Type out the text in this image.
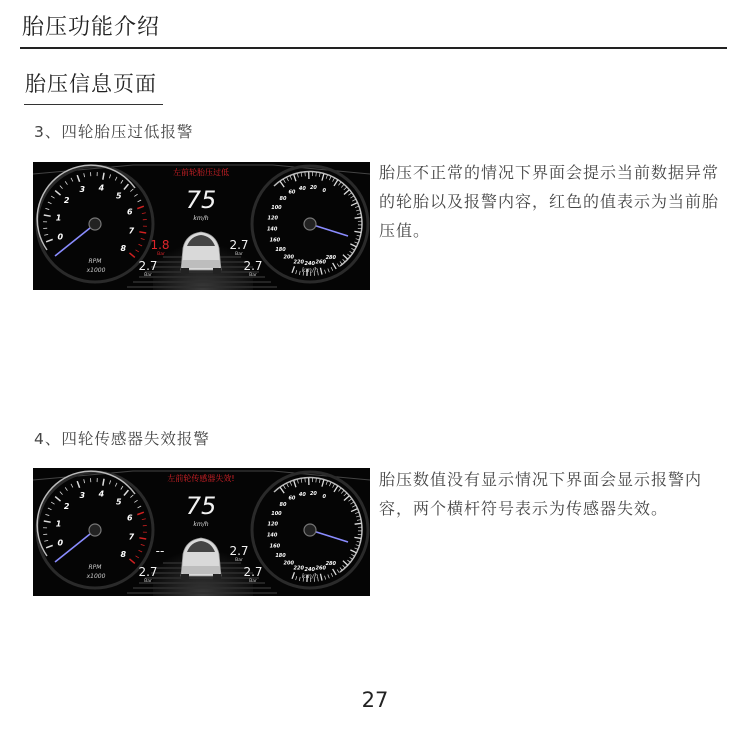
胎压功能介绍
胎压信息页面
3、四轮胎压过低报警
0
1
2
3 4
5
6
7
8
RPM
x1000
0
20
40
60
80
100
120
140
160
180
200
220 240 260
280
km/h
左前轮胎压过低
75
km/h
1.8
Bar
2.7
Bar
2.7
Bar
2.7
Bar
胎压不正常的情况下界面会提示当前数据异常的轮胎以及报警内容，红色的值表示为当前胎压值。
4、四轮传感器失效报警
0
1
2
3 4
5
6
7
8
RPM
x1000
0
20
40
60
80
100
120
140
160
180
200
220 240 260
280
km/h
左前轮传感器失效!
75
km/h
--	2.7
Bar
2.7
Bar
2.7
Bar
胎压数值没有显示情况下界面会显示报警内容，两个横杆符号表示为传感器失效。
27
